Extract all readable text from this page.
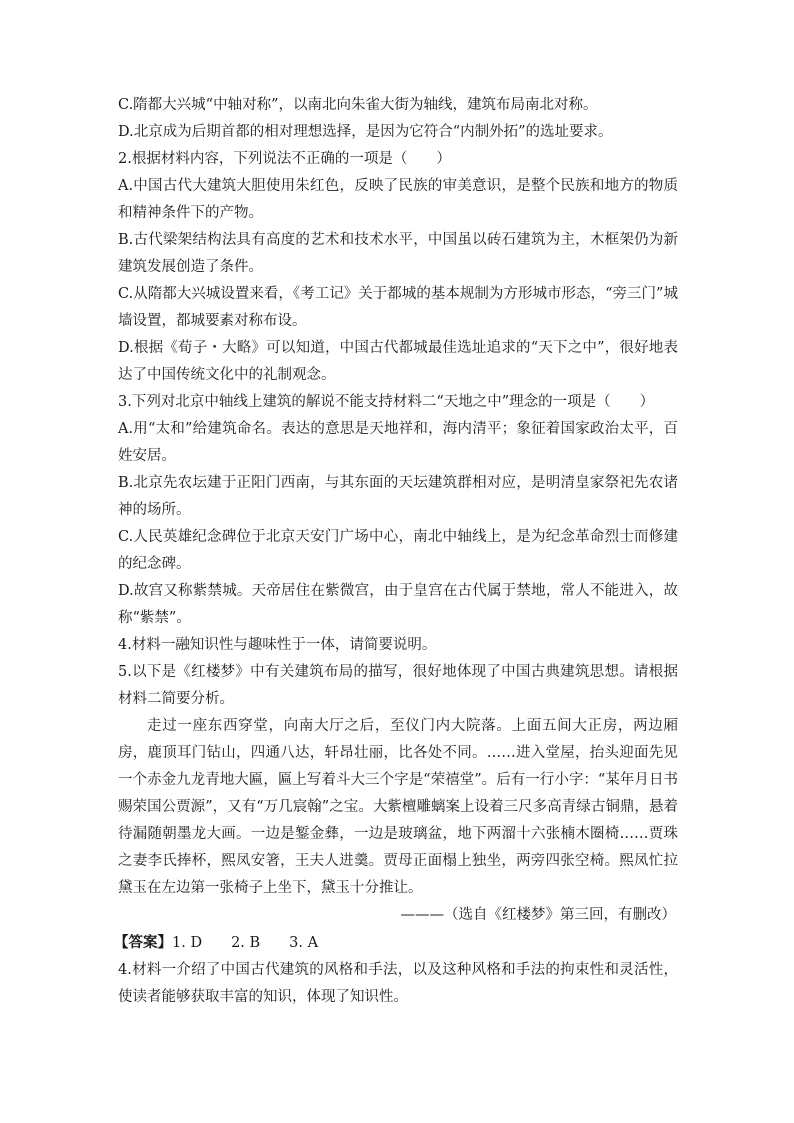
C.隋都大兴城“中轴对称”，以南北向朱雀大街为轴线，建筑布局南北对称。

D.北京成为后期首都的相对理想选择，是因为它符合“内制外拓”的选址要求。

2.根据材料内容，下列说法不正确的一项是（　　）

A.中国古代大建筑大胆使用朱红色，反映了民族的审美意识，是整个民族和地方的物质和精神条件下的产物。

B.古代梁架结构法具有高度的艺术和技术水平，中国虽以砖石建筑为主，木框架仍为新建筑发展创造了条件。

C.从隋都大兴城设置来看，《考工记》关于都城的基本规制为方形城市形态，“旁三门”城墙设置，都城要素对称布设。

D.根据《荀子・大略》可以知道，中国古代都城最佳选址追求的“天下之中”，很好地表达了中国传统文化中的礼制观念。

3.下列对北京中轴线上建筑的解说不能支持材料二“天地之中”理念的一项是（　　）

A.用“太和”给建筑命名。表达的意思是天地祥和，海内清平；象征着国家政治太平，百姓安居。

B.北京先农坛建于正阳门西南，与其东面的天坛建筑群相对应，是明清皇家祭祀先农诸神的场所。

C.人民英雄纪念碑位于北京天安门广场中心，南北中轴线上，是为纪念革命烈士而修建的纪念碑。

D.故宫又称紫禁城。天帝居住在紫微宫，由于皇宫在古代属于禁地，常人不能进入，故称“紫禁”。

4.材料一融知识性与趣味性于一体，请简要说明。

5.以下是《红楼梦》中有关建筑布局的描写，很好地体现了中国古典建筑思想。请根据材料二简要分析。

走过一座东西穿堂，向南大厅之后，至仪门内大院落。上面五间大正房，两边厢房，鹿顶耳门钻山，四通八达，轩昂壮丽，比各处不同。……进入堂屋，抬头迎面先见一个赤金九龙青地大匾，匾上写着斗大三个字是“荣禧堂”。后有一行小字：“某年月日书赐荣国公贾源”，又有“万几宸翰”之宝。大紫檀雕螭案上设着三尺多高青绿古铜鼎，悬着待漏随朝墨龙大画。一边是錾金彝，一边是玻璃盆，地下两溜十六张楠木圈椅……贾珠之妻李氏捧杯，熙凤安箸，王夫人进羹。贾母正面榻上独坐，两旁四张空椅。熙凤忙拉黛玉在左边第一张椅子上坐下，黛玉十分推让。

———（选自《红楼梦》第三回，有删改）

【答案】1. D　　2. B　　3. A

4.材料一介绍了中国古代建筑的风格和手法，以及这种风格和手法的拘束性和灵活性，使读者能够获取丰富的知识，体现了知识性。
